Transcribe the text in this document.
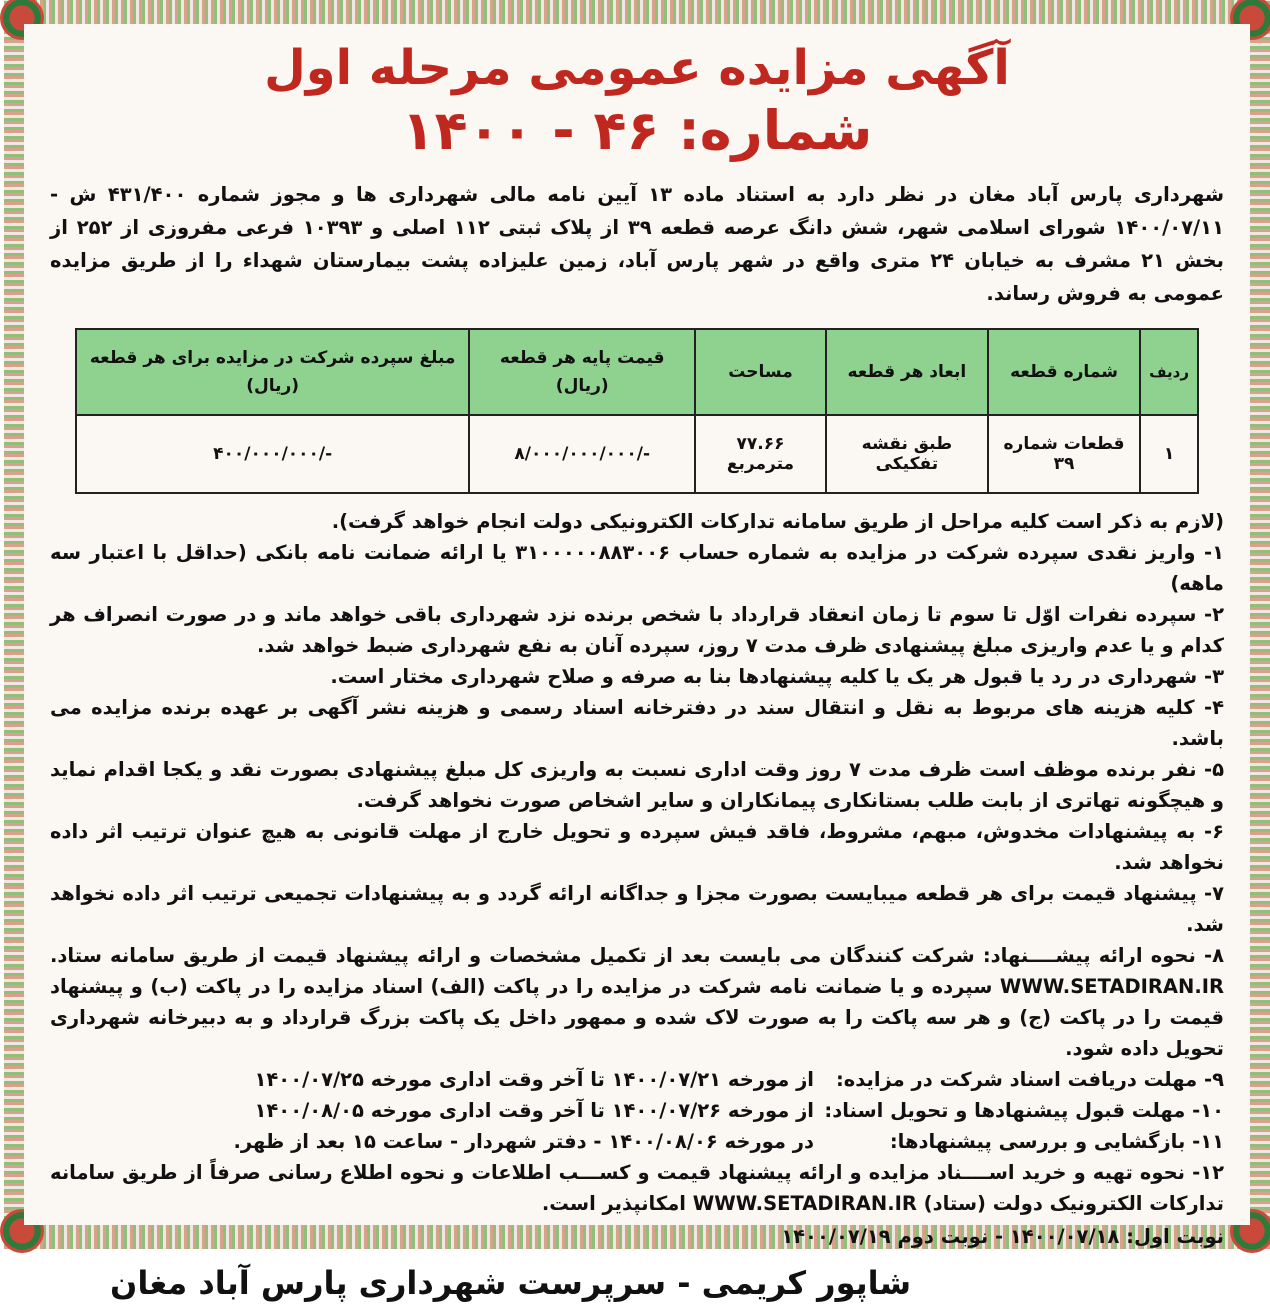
آگهی مزایده عمومی مرحله اول
شماره: ۴۶ - ۱۴۰۰

شهرداری پارس آباد مغان در نظر دارد به استناد ماده ۱۳ آیین نامه مالی شهرداری ها و مجوز شماره ۴۳۱/۴۰۰ ش - ۱۴۰۰/۰۷/۱۱ شورای اسلامی شهر، شش دانگ عرصه قطعه ۳۹ از پلاک ثبتی ۱۱۲ اصلی و ۱۰۳۹۳ فرعی مفروزی از ۲۵۲ از بخش ۲۱ مشرف به خیابان ۲۴ متری واقع در شهر پارس آباد، زمین علیزاده پشت بیمارستان شهداء را از طریق مزایده عمومی به فروش رساند.

ردیف	شماره قطعه	ابعاد هر قطعه	مساحت	قیمت پایه هر قطعه (ریال)	مبلغ سپرده شرکت در مزایده برای هر قطعه (ریال)
۱	قطعات شماره ۳۹	طبق نقشه تفکیکی	۷۷.۶۶ مترمربع	-/۸/۰۰۰/۰۰۰/۰۰۰	-/۴۰۰/۰۰۰/۰۰۰

(لازم به ذکر است کلیه مراحل از طریق سامانه تدارکات الکترونیکی دولت انجام خواهد گرفت).

۱- واریز نقدی سپرده شرکت در مزایده به شماره حساب ۳۱۰۰۰۰۰۸۸۳۰۰۶ یا ارائه ضمانت نامه بانکی (حداقل با اعتبار سه ماهه)

۲- سپرده نفرات اوّل تا سوم تا زمان انعقاد قرارداد با شخص برنده نزد شهرداری باقی خواهد ماند و در صورت انصراف هر کدام و یا عدم واریزی مبلغ پیشنهادی ظرف مدت ۷ روز، سپرده آنان به نفع شهرداری ضبط خواهد شد.

۳- شهرداری در رد یا قبول هر یک یا کلیه پیشنهادها بنا به صرفه و صلاح شهرداری مختار است.

۴- کلیه هزینه های مربوط به نقل و انتقال سند در دفترخانه اسناد رسمی و هزینه نشر آگهی بر عهده برنده مزایده می باشد.

۵- نفر برنده موظف است ظرف مدت ۷ روز وقت اداری نسبت به واریزی کل مبلغ پیشنهادی بصورت نقد و یکجا اقدام نماید و هیچگونه تهاتری از بابت طلب بستانکاری پیمانکاران و سایر اشخاص صورت نخواهد گرفت.

۶- به پیشنهادات مخدوش، مبهم، مشروط، فاقد فیش سپرده و تحویل خارج از مهلت قانونی به هیچ عنوان ترتیب اثر داده نخواهد شد.

۷- پیشنهاد قیمت برای هر قطعه میبایست بصورت مجزا و جداگانه ارائه گردد و به پیشنهادات تجمیعی ترتیب اثر داده نخواهد شد.

۸- نحوه ارائه پیشــــنهاد: شرکت کنندگان می بایست بعد از تکمیل مشخصات و ارائه پیشنهاد قیمت از طریق سامانه ستاد. WWW.SETADIRAN.IR سپرده و یا ضمانت نامه شرکت در مزایده را در پاکت (الف) اسناد مزایده را در پاکت (ب) و پیشنهاد قیمت را در پاکت (ج) و هر سه پاکت را به صورت لاک شده و ممهور داخل یک پاکت بزرگ قرارداد و به دبیرخانه شهرداری تحویل داده شود.

۹- مهلت دریافت اسناد شرکت در مزایده:
از مورخه ۱۴۰۰/۰۷/۲۱ تا آخر وقت اداری مورخه ۱۴۰۰/۰۷/۲۵
۱۰- مهلت قبول پیشنهادها و تحویل اسناد:
از مورخه ۱۴۰۰/۰۷/۲۶ تا آخر وقت اداری مورخه ۱۴۰۰/۰۸/۰۵
۱۱- بازگشایی و بررسی پیشنهادها:
در مورخه ۱۴۰۰/۰۸/۰۶ - دفتر شهردار - ساعت ۱۵ بعد از ظهر.

۱۲- نحوه تهیه و خرید اســــناد مزایده و ارائه پیشنهاد قیمت و کســـب اطلاعات و نحوه اطلاع رسانی صرفاً از طریق سامانه تدارکات الکترونیک دولت (ستاد) WWW.SETADIRAN.IR امکانپذیر است.

نوبت اول: ۱۴۰۰/۰۷/۱۸ - نوبت دوم ۱۴۰۰/۰۷/۱۹
شاپور کریمی - سرپرست شهرداری پارس آباد مغان
